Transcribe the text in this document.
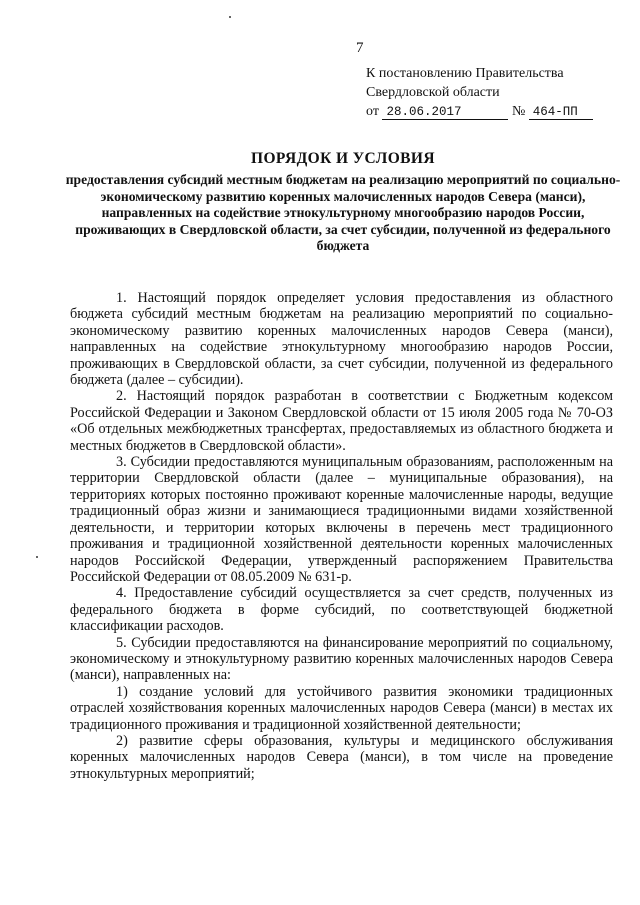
7
К постановлению Правительства
Свердловской области
от 28.06.2017	№ 464-ПП
ПОРЯДОК И УСЛОВИЯ
предоставления субсидий местным бюджетам на реализацию мероприятий по социально-экономическому развитию коренных малочисленных народов Севера (манси), направленных на содействие этнокультурному многообразию народов России, проживающих в Свердловской области, за счет субсидии, полученной из федерального бюджета

1. Настоящий порядок определяет условия предоставления из областного бюджета субсидий местным бюджетам на реализацию мероприятий по социально-экономическому развитию коренных малочисленных народов Севера (манси), направленных на содействие этнокультурному многообразию народов России, проживающих в Свердловской области, за счет субсидии, полученной из федерального бюджета (далее – субсидии).

2. Настоящий порядок разработан в соответствии с Бюджетным кодексом Российской Федерации и Законом Свердловской области от 15 июля 2005 года № 70-ОЗ «Об отдельных межбюджетных трансфертах, предоставляемых из областного бюджета и местных бюджетов в Свердловской области».

3. Субсидии предоставляются муниципальным образованиям, расположенным на территории Свердловской области (далее – муниципальные образования), на территориях которых постоянно проживают коренные малочисленные народы, ведущие традиционный образ жизни и занимающиеся традиционными видами хозяйственной деятельности, и территории которых включены в перечень мест традиционного проживания и традиционной хозяйственной деятельности коренных малочисленных народов Российской Федерации, утвержденный распоряжением Правительства Российской Федерации от 08.05.2009 № 631-р.

4. Предоставление субсидий осуществляется за счет средств, полученных из федерального бюджета в форме субсидий, по соответствующей бюджетной классификации расходов.

5. Субсидии предоставляются на финансирование мероприятий по социальному, экономическому и этнокультурному развитию коренных малочисленных народов Севера (манси), направленных на:

1) создание условий для устойчивого развития экономики традиционных отраслей хозяйствования коренных малочисленных народов Севера (манси) в местах их традиционного проживания и традиционной хозяйственной деятельности;

2) развитие сферы образования, культуры и медицинского обслуживания коренных малочисленных народов Севера (манси), в том числе на проведение этнокультурных мероприятий;
